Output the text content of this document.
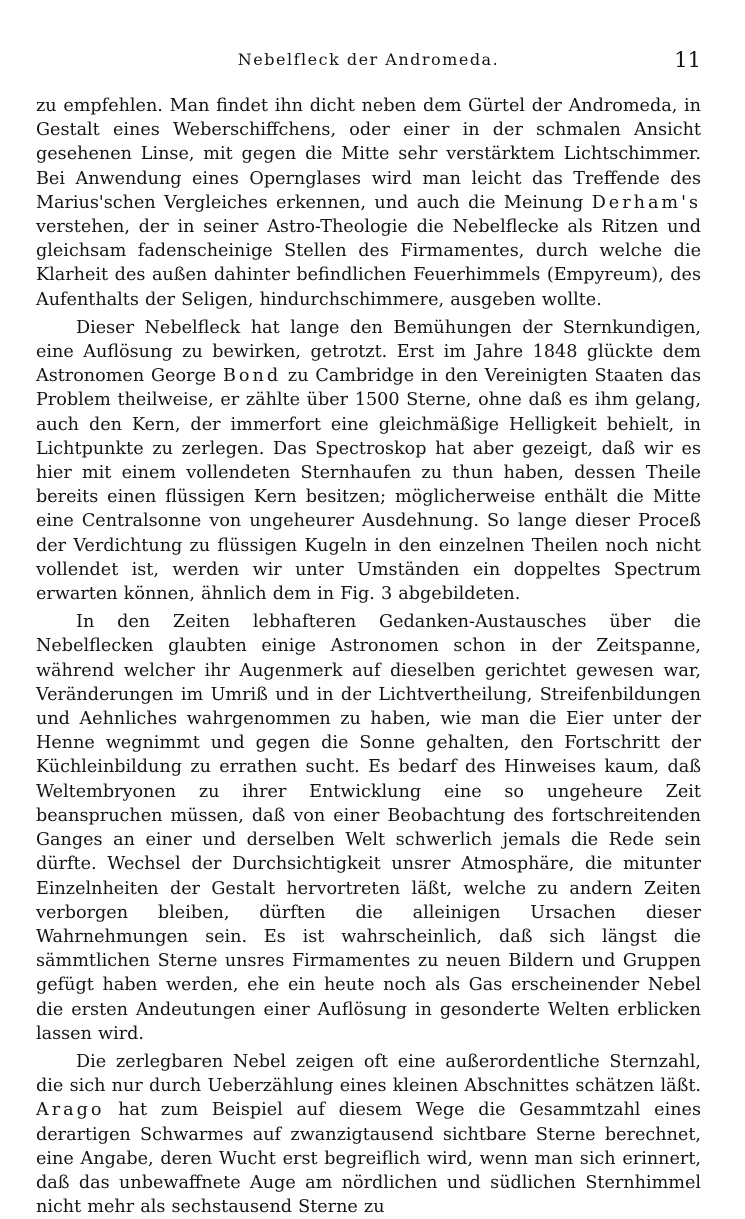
Nebelfleck der Andromeda.	11

zu empfehlen. Man findet ihn dicht neben dem Gürtel der Andromeda, in Gestalt eines Weberschiffchens, oder einer in der schmalen Ansicht gesehenen Linse, mit gegen die Mitte sehr verstärktem Lichtschimmer. Bei Anwendung eines Opernglases wird man leicht das Treffende des Marius'schen Vergleiches erkennen, und auch die Meinung Derham's verstehen, der in seiner Astro-Theologie die Nebelflecke als Ritzen und gleichsam fadenscheinige Stellen des Firmamentes, durch welche die Klarheit des außen dahinter befindlichen Feuerhimmels (Empyreum), des Aufenthalts der Seligen, hindurchschimmere, ausgeben wollte.

Dieser Nebelfleck hat lange den Bemühungen der Sternkundigen, eine Auflösung zu bewirken, getrotzt. Erst im Jahre 1848 glückte dem Astronomen George Bond zu Cambridge in den Vereinigten Staaten das Problem theilweise, er zählte über 1500 Sterne, ohne daß es ihm gelang, auch den Kern, der immerfort eine gleichmäßige Helligkeit behielt, in Lichtpunkte zu zerlegen. Das Spectroskop hat aber gezeigt, daß wir es hier mit einem vollendeten Sternhaufen zu thun haben, dessen Theile bereits einen flüssigen Kern besitzen; möglicherweise enthält die Mitte eine Centralsonne von ungeheurer Ausdehnung. So lange dieser Proceß der Verdichtung zu flüssigen Kugeln in den einzelnen Theilen noch nicht vollendet ist, werden wir unter Umständen ein doppeltes Spectrum erwarten können, ähnlich dem in Fig. 3 abgebildeten.

In den Zeiten lebhafteren Gedanken-Austausches über die Nebelflecken glaubten einige Astronomen schon in der Zeitspanne, während welcher ihr Augenmerk auf dieselben gerichtet gewesen war, Veränderungen im Umriß und in der Lichtvertheilung, Streifenbildungen und Aehnliches wahrgenommen zu haben, wie man die Eier unter der Henne wegnimmt und gegen die Sonne gehalten, den Fortschritt der Küchleinbildung zu errathen sucht. Es bedarf des Hinweises kaum, daß Weltembryonen zu ihrer Entwicklung eine so ungeheure Zeit beanspruchen müssen, daß von einer Beobachtung des fortschreitenden Ganges an einer und derselben Welt schwerlich jemals die Rede sein dürfte. Wechsel der Durchsichtigkeit unsrer Atmosphäre, die mitunter Einzelnheiten der Gestalt hervortreten läßt, welche zu andern Zeiten verborgen bleiben, dürften die alleinigen Ursachen dieser Wahrnehmungen sein. Es ist wahrscheinlich, daß sich längst die sämmtlichen Sterne unsres Firmamentes zu neuen Bildern und Gruppen gefügt haben werden, ehe ein heute noch als Gas erscheinender Nebel die ersten Andeutungen einer Auflösung in gesonderte Welten erblicken lassen wird.

Die zerlegbaren Nebel zeigen oft eine außerordentliche Sternzahl, die sich nur durch Ueberzählung eines kleinen Abschnittes schätzen läßt. Arago hat zum Beispiel auf diesem Wege die Gesammtzahl eines derartigen Schwarmes auf zwanzigtausend sichtbare Sterne berechnet, eine Angabe, deren Wucht erst begreiflich wird, wenn man sich erinnert, daß das unbewaffnete Auge am nördlichen und südlichen Sternhimmel nicht mehr als sechstausend Sterne zu
